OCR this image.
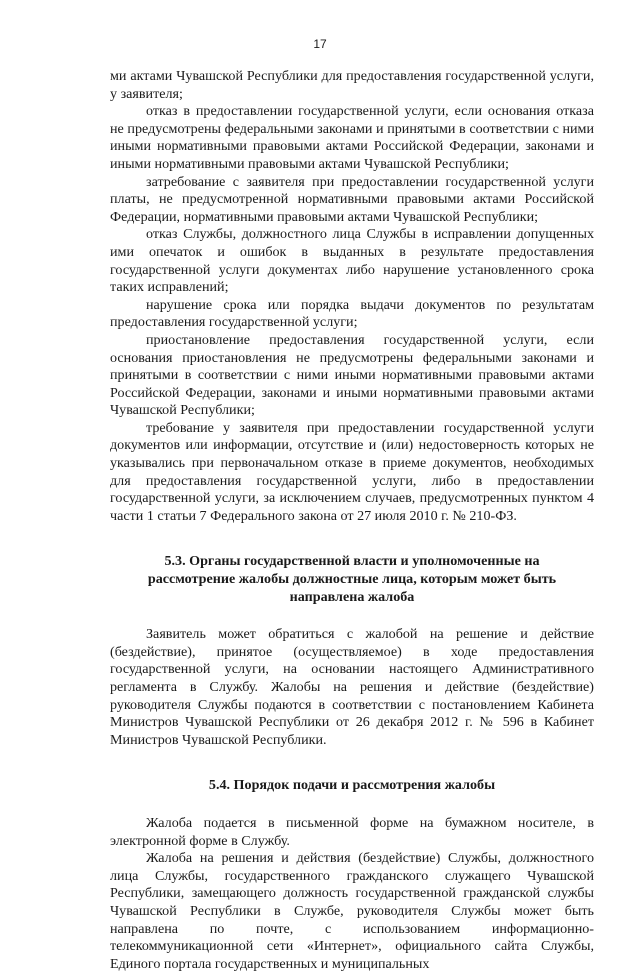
17

ми актами Чувашской Республики для предоставления государственной услуги, у заявителя;

отказ в предоставлении государственной услуги, если основания отказа не предусмотрены федеральными законами и принятыми в соответствии с ними иными нормативными правовыми актами Российской Федерации, законами и иными нормативными правовыми актами Чувашской Республики;

затребование с заявителя при предоставлении государственной услуги платы, не предусмотренной нормативными правовыми актами Российской Федерации, нормативными правовыми актами Чувашской Республики;

отказ Службы, должностного лица Службы в исправлении допущенных ими опечаток и ошибок в выданных в результате предоставления государственной услуги документах либо нарушение установленного срока таких исправлений;

нарушение срока или порядка выдачи документов по результатам предоставления государственной услуги;

приостановление предоставления государственной услуги, если основания приостановления не предусмотрены федеральными законами и принятыми в соответствии с ними иными нормативными правовыми актами Российской Федерации, законами и иными нормативными правовыми актами Чувашской Республики;

требование у заявителя при предоставлении государственной услуги документов или информации, отсутствие и (или) недостоверность которых не указывались при первоначальном отказе в приеме документов, необходимых для предоставления государственной услуги, либо в предоставлении государственной услуги, за исключением случаев, предусмотренных пунктом 4 части 1 статьи 7 Федерального закона от 27 июля 2010 г. № 210-ФЗ.

5.3. Органы государственной власти и уполномоченные на
рассмотрение жалобы должностные лица, которым может быть
направлена жалоба

Заявитель может обратиться с жалобой на решение и действие (бездействие), принятое (осуществляемое) в ходе предоставления государственной услуги, на основании настоящего Административного регламента в Службу. Жалобы на решения и действие (бездействие) руководителя Службы подаются в соответствии с постановлением Кабинета Министров Чувашской Республики от 26 декабря 2012 г. № 596 в Кабинет Министров Чувашской Республики.

5.4. Порядок подачи и рассмотрения жалобы

Жалоба подается в письменной форме на бумажном носителе, в электронной форме в Службу.

Жалоба на решения и действия (бездействие) Службы, должностного лица Службы, государственного гражданского служащего Чувашской Республики, замещающего должность государственной гражданской службы Чувашской Республики в Службе, руководителя Службы может быть направлена по почте, с использованием информационно-телекоммуникационной сети «Интернет», официального сайта Службы, Единого портала государственных и муниципальных
